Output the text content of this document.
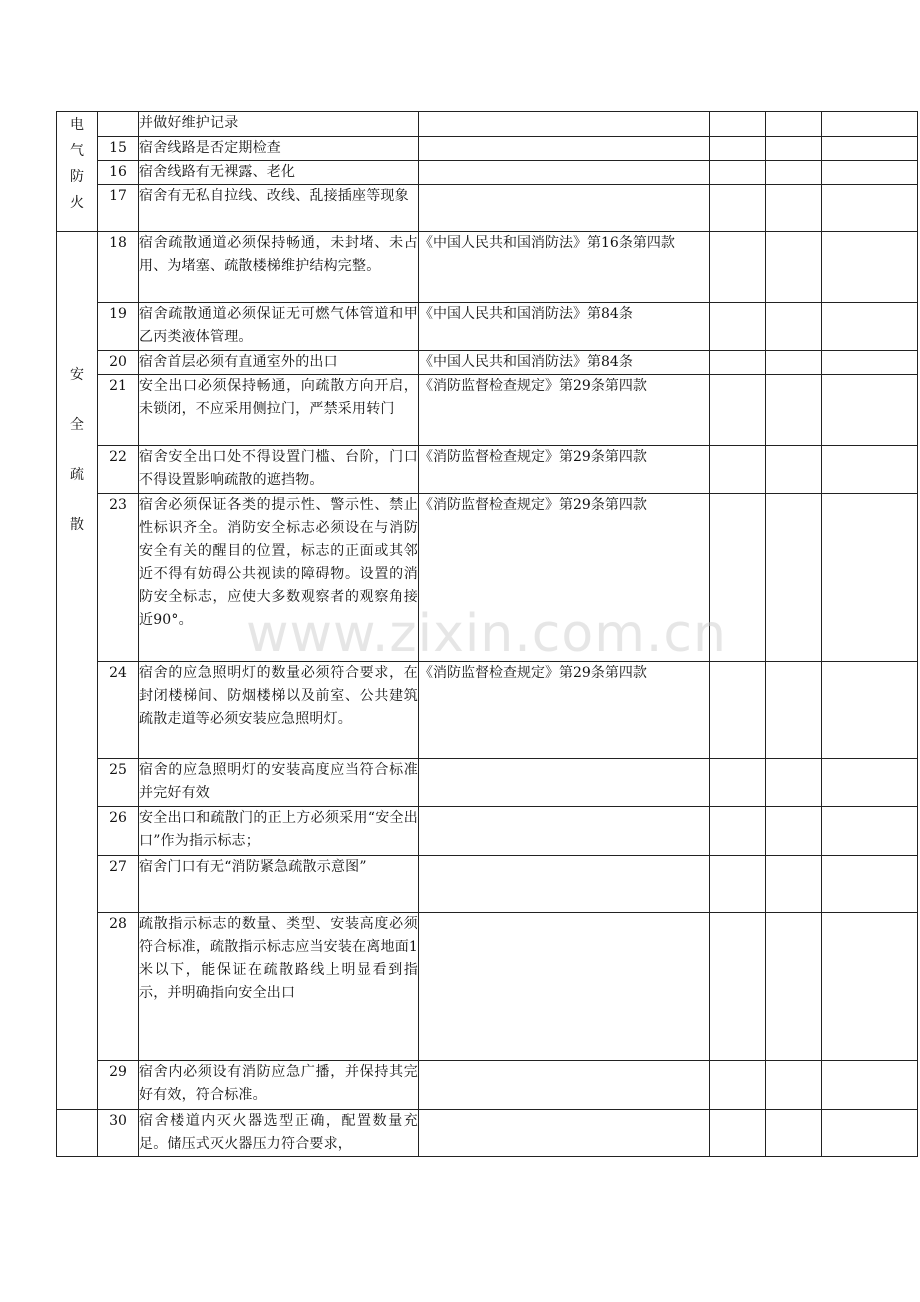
电
气
防
火		并做好维护记录				
	15	宿舍线路是否定期检查				
	16	宿舍线路有无裸露、老化				
	17	宿舍有无私自拉线、改线、乱接插座等现象				

安
全
疏
散	18	宿舍疏散通道必须保持畅通，未封堵、未占用、为堵塞、疏散楼梯维护结构完整。	《中国人民共和国消防法》第16条第四款			
	19	宿舍疏散通道必须保证无可燃气体管道和甲乙丙类液体管理。	《中国人民共和国消防法》第84条			
	20	宿舍首层必须有直通室外的出口	《中国人民共和国消防法》第84条			
	21	安全出口必须保持畅通，向疏散方向开启，未锁闭，不应采用侧拉门，严禁采用转门	《消防监督检查规定》第29条第四款			
	22	宿舍安全出口处不得设置门槛、台阶，门口不得设置影响疏散的遮挡物。	《消防监督检查规定》第29条第四款			
	23	宿舍必须保证各类的提示性、警示性、禁止性标识齐全。消防安全标志必须设在与消防安全有关的醒目的位置，标志的正面或其邻近不得有妨碍公共视读的障碍物。设置的消防安全标志，应使大多数观察者的观察角接近90°。	《消防监督检查规定》第29条第四款			
	24	宿舍的应急照明灯的数量必须符合要求，在封闭楼梯间、防烟楼梯以及前室、公共建筑疏散走道等必须安装应急照明灯。	《消防监督检查规定》第29条第四款			
	25	宿舍的应急照明灯的安装高度应当符合标准并完好有效				
	26	安全出口和疏散门的正上方必须采用“安全出口”作为指示标志；				
	27	宿舍门口有无“消防紧急疏散示意图”				
	28	疏散指示标志的数量、类型、安装高度必须符合标准，疏散指示标志应当安装在离地面1米以下，能保证在疏散路线上明显看到指示，并明确指向安全出口				
	29	宿舍内必须设有消防应急广播，并保持其完好有效，符合标准。				
	30	宿舍楼道内灭火器选型正确，配置数量充足。储压式灭火器压力符合要求，				
www.zixin.com.cn
